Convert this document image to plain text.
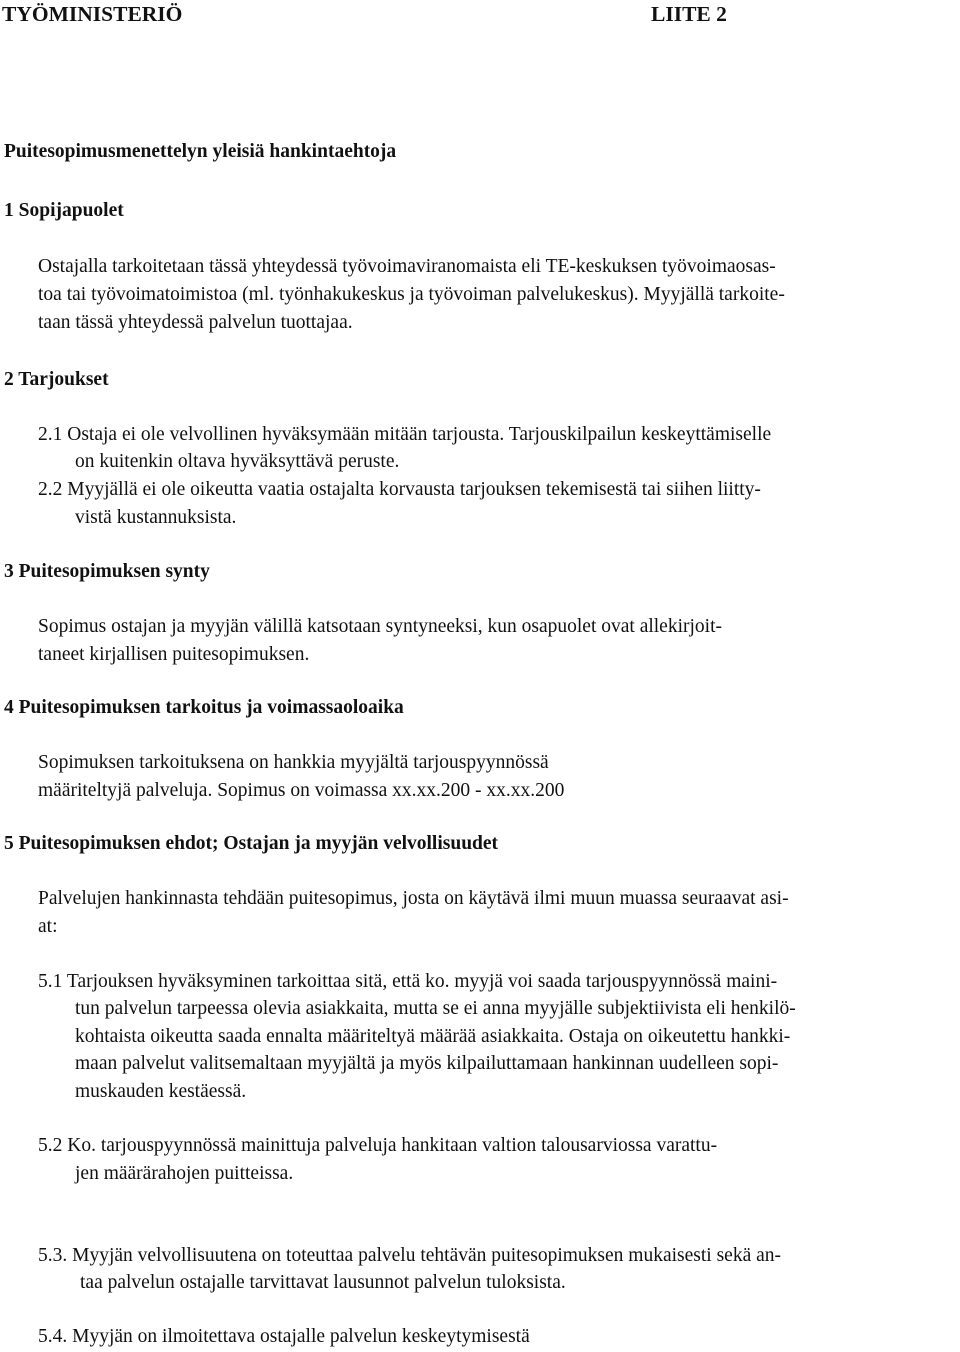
TYÖMINISTERIÖ	LIITE 2
Puitesopimusmenettelyn yleisiä hankintaehtoja
1 Sopijapuolet
Ostajalla tarkoitetaan tässä yhteydessä työvoimaviranomaista eli TE-keskuksen työvoimaosas-
toa tai työvoimatoimistoa (ml. työnhakukeskus ja työvoiman palvelukeskus). Myyjällä tarkoite-
taan tässä yhteydessä palvelun tuottajaa.
2 Tarjoukset
2.1 Ostaja ei ole velvollinen hyväksymään mitään tarjousta. Tarjouskilpailun keskeyttämiselle
on kuitenkin oltava hyväksyttävä peruste.
2.2 Myyjällä ei ole oikeutta vaatia ostajalta korvausta tarjouksen tekemisestä tai siihen liitty-
vistä kustannuksista.
3 Puitesopimuksen synty
Sopimus ostajan ja myyjän välillä katsotaan syntyneeksi, kun osapuolet ovat allekirjoit-
taneet kirjallisen puitesopimuksen.
4 Puitesopimuksen tarkoitus ja voimassaoloaika
Sopimuksen tarkoituksena on hankkia myyjältä tarjouspyynnössä
määriteltyjä palveluja. Sopimus on voimassa xx.xx.200 - xx.xx.200
5 Puitesopimuksen ehdot; Ostajan ja myyjän velvollisuudet
Palvelujen hankinnasta tehdään puitesopimus, josta on käytävä ilmi muun muassa seuraavat asi-
at:
5.1 Tarjouksen hyväksyminen tarkoittaa sitä, että ko. myyjä voi saada tarjouspyynnössä maini-
tun palvelun tarpeessa olevia asiakkaita, mutta se ei anna myyjälle subjektiivista eli henkilö-
kohtaista oikeutta saada ennalta määriteltyä määrää asiakkaita. Ostaja on oikeutettu hankki-
maan palvelut valitsemaltaan myyjältä ja myös kilpailuttamaan hankinnan uudelleen sopi-
muskauden kestäessä.
5.2 Ko. tarjouspyynnössä mainittuja palveluja hankitaan valtion talousarviossa varattu-
jen määrärahojen puitteissa.
5.3. Myyjän velvollisuutena on toteuttaa palvelu tehtävän puitesopimuksen mukaisesti sekä an-
taa palvelun ostajalle tarvittavat lausunnot palvelun tuloksista.
5.4. Myyjän on ilmoitettava ostajalle palvelun keskeytymisestä
